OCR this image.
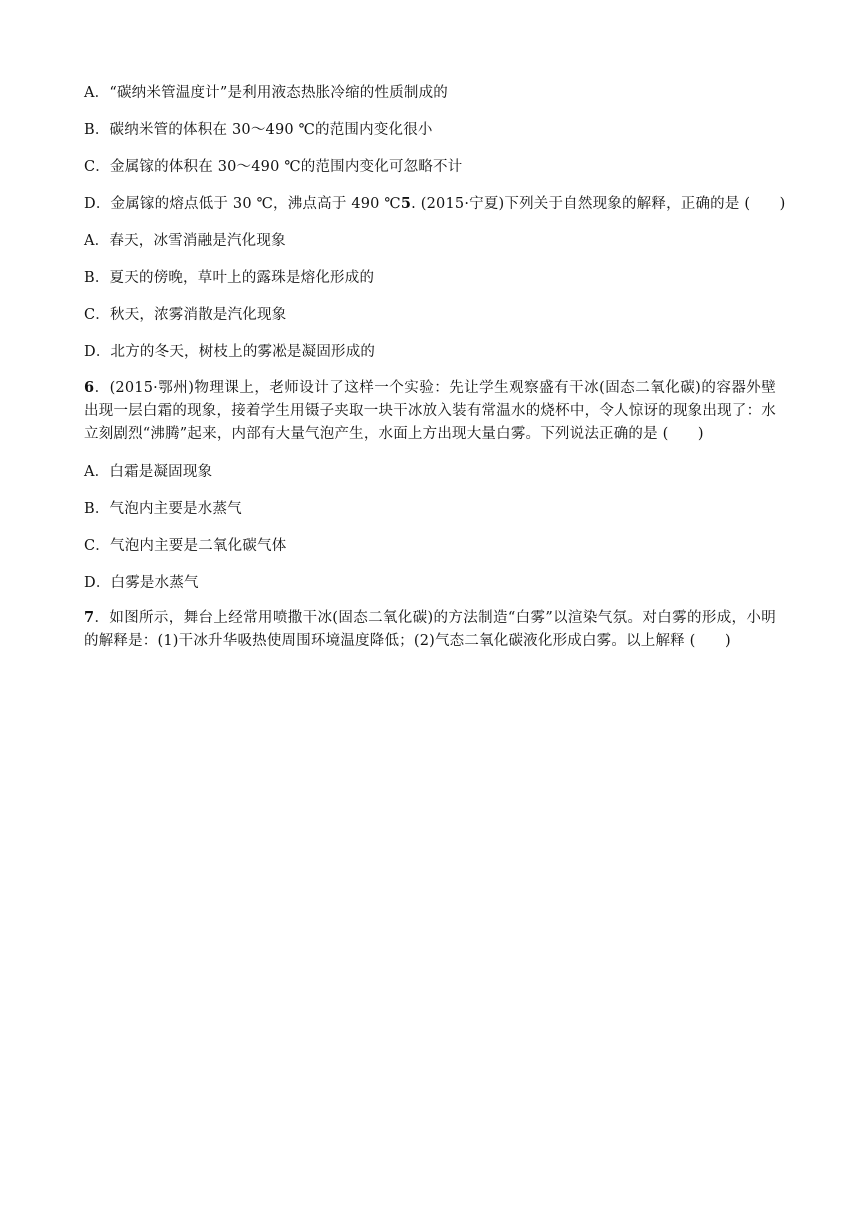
A．“碳纳米管温度计”是利用液态热胀冷缩的性质制成的
B．碳纳米管的体积在 30～490 ℃的范围内变化很小
C．金属镓的体积在 30～490 ℃的范围内变化可忽略不计
D．金属镓的熔点低于 30 ℃，沸点高于 490 ℃5. (2015·宁夏)下列关于自然现象的解释，正确的是 (　　)
A．春天，冰雪消融是汽化现象
B．夏天的傍晚，草叶上的露珠是熔化形成的
C．秋天，浓雾消散是汽化现象
D．北方的冬天，树枝上的雾凇是凝固形成的
6．(2015·鄂州)物理课上，老师设计了这样一个实验：先让学生观察盛有干冰(固态二氧化碳)的容器外壁出现一层白霜的现象，接着学生用镊子夹取一块干冰放入装有常温水的烧杯中，令人惊讶的现象出现了：水立刻剧烈“沸腾”起来，内部有大量气泡产生，水面上方出现大量白雾。下列说法正确的是 (　　)
A．白霜是凝固现象
B．气泡内主要是水蒸气
C．气泡内主要是二氧化碳气体
D．白雾是水蒸气
7．如图所示，舞台上经常用喷撒干冰(固态二氧化碳)的方法制造“白雾”以渲染气氛。对白雾的形成，小明的解释是：(1)干冰升华吸热使周围环境温度降低；(2)气态二氧化碳液化形成白雾。以上解释 (　　)
